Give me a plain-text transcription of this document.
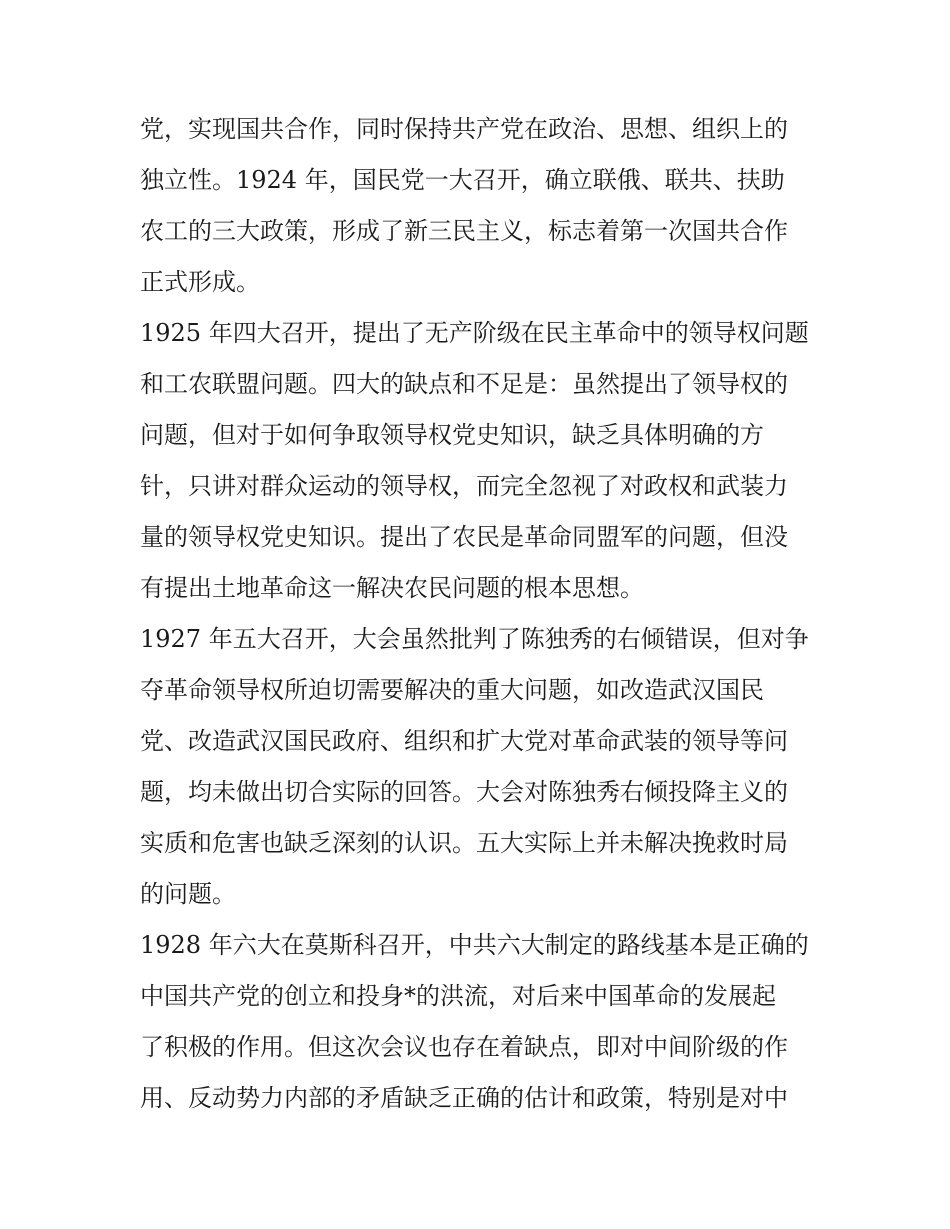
党，实现国共合作，同时保持共产党在政治、思想、组织上的
独立性。1924 年，国民党一大召开，确立联俄、联共、扶助
农工的三大政策，形成了新三民主义，标志着第一次国共合作
正式形成。
1925 年四大召开，提出了无产阶级在民主革命中的领导权问题
和工农联盟问题。四大的缺点和不足是：虽然提出了领导权的
问题，但对于如何争取领导权党史知识，缺乏具体明确的方
针，只讲对群众运动的领导权，而完全忽视了对政权和武装力
量的领导权党史知识。提出了农民是革命同盟军的问题，但没
有提出土地革命这一解决农民问题的根本思想。
1927 年五大召开，大会虽然批判了陈独秀的右倾错误，但对争
夺革命领导权所迫切需要解决的重大问题，如改造武汉国民
党、改造武汉国民政府、组织和扩大党对革命武装的领导等问
题，均未做出切合实际的回答。大会对陈独秀右倾投降主义的
实质和危害也缺乏深刻的认识。五大实际上并未解决挽救时局
的问题。
1928 年六大在莫斯科召开，中共六大制定的路线基本是正确的
中国共产党的创立和投身*的洪流，对后来中国革命的发展起
了积极的作用。但这次会议也存在着缺点，即对中间阶级的作
用、反动势力内部的矛盾缺乏正确的估计和政策，特别是对中
